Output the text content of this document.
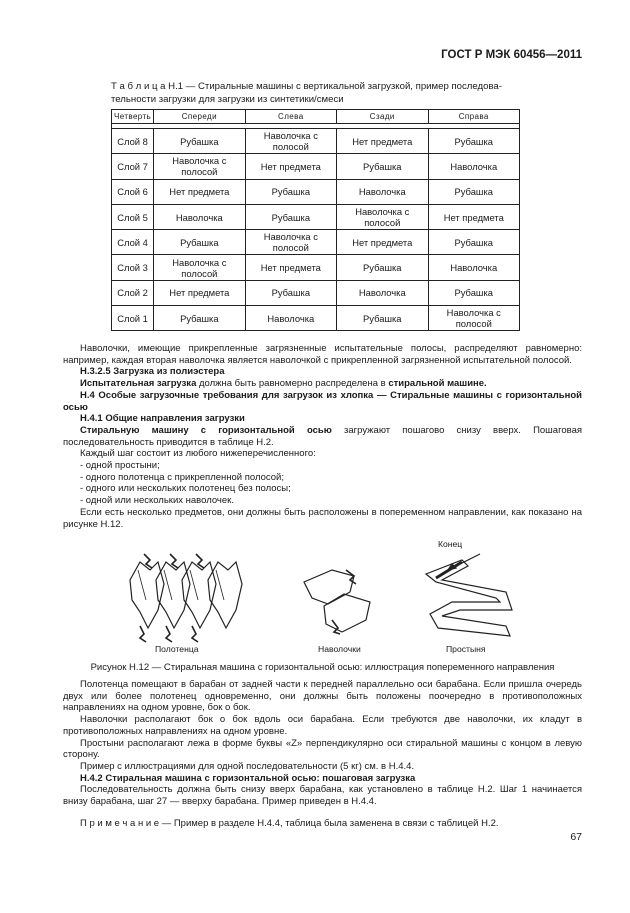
ГОСТ Р МЭК 60456—2011
Т а б л и ц а Н.1 — Стиральные машины с вертикальной загрузкой, пример последова- тельности загрузки для загрузки из синтетики/смеси
Четверть	Спереди	Слева	Сзади	Справа

Слой 8	Рубашка	Наволочка с полосой	Нет предмета	Рубашка
Слой 7	Наволочка с полосой	Нет предмета	Рубашка	Наволочка
Слой 6	Нет предмета	Рубашка	Наволочка	Рубашка
Слой 5	Наволочка	Рубашка	Наволочка с полосой	Нет предмета
Слой 4	Рубашка	Наволочка с полосой	Нет предмета	Рубашка
Слой 3	Наволочка с полосой	Нет предмета	Рубашка	Наволочка
Слой 2	Нет предмета	Рубашка	Наволочка	Рубашка
Слой 1	Рубашка	Наволочка	Рубашка	Наволочка с полосой

Наволочки, имеющие прикрепленные загрязненные испытательные полосы, распределяют равномерно: например, каждая вторая наволочка является наволочкой с прикрепленной загрязненной испытательной полосой.

Н.3.2.5 Загрузка из полиэстера

Испытательная загрузка должна быть равномерно распределена в стиральной машине.

Н.4 Особые загрузочные требования для загрузок из хлопка — Стиральные машины с горизонтальной осью

Н.4.1 Общие направления загрузки

Стиральную машину с горизонтальной осью загружают пошагово снизу вверх. Пошаговая последовательность приводится в таблице Н.2.

Каждый шаг состоит из любого нижеперечисленного:

- одной простыни;

- одного полотенца с прикрепленной полосой;

- одного или нескольких полотенец без полосы;

- одной или нескольких наволочек.

Если есть несколько предметов, они должны быть расположены в попеременном направлении, как показано на рисунке Н.12.

Конец
Полотенца	Наволочки	Простыня
Рисунок Н.12 — Стиральная машина с горизонтальной осью: иллюстрация попеременного направления

Полотенца помещают в барабан от задней части к передней параллельно оси барабана. Если пришла очередь двух или более полотенец одновременно, они должны быть положены поочередно в противоположных направлениях на одном уровне, бок о бок.

Наволочки располагают бок о бок вдоль оси барабана. Если требуются две наволочки, их кладут в противоположных направлениях на одном уровне.

Простыни располагают лежа в форме буквы «Z» перпендикулярно оси стиральной машины с концом в левую сторону.

Пример с иллюстрациями для одной последовательности (5 кг) см. в Н.4.4.

Н.4.2 Стиральная машина с горизонтальной осью: пошаговая загрузка

Последовательность должна быть снизу вверх барабана, как установлено в таблице Н.2. Шаг 1 начинается внизу барабана, шаг 27 — вверху барабана. Пример приведен в Н.4.4.

П р и м е ч а н и е — Пример в разделе Н.4.4, таблица была заменена в связи с таблицей Н.2.

67
